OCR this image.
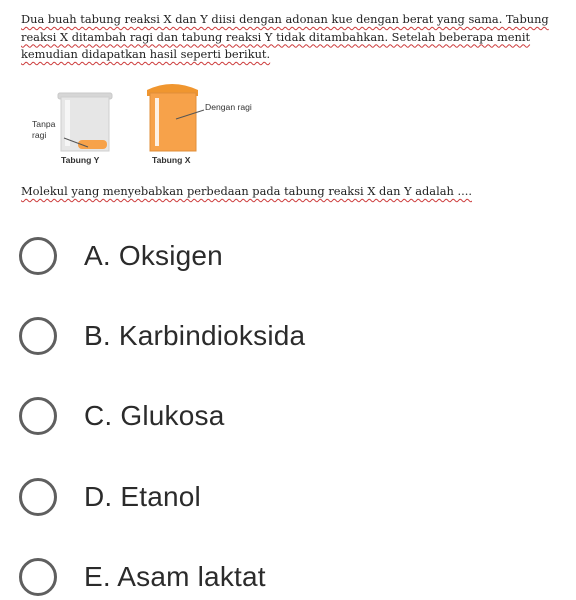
Dua buah tabung reaksi X dan Y diisi dengan adonan kue dengan berat yang sama. Tabung reaksi X ditambah ragi dan tabung reaksi Y tidak ditambahkan. Setelah beberapa menit kemudian didapatkan hasil seperti berikut.
Tanpa
ragi
Dengan ragi
Tabung Y	Tabung X
Molekul yang menyebabkan perbedaan pada tabung reaksi X dan Y adalah ....
A. Oksigen
B. Karbindioksida
C. Glukosa
D. Etanol
E. Asam laktat
